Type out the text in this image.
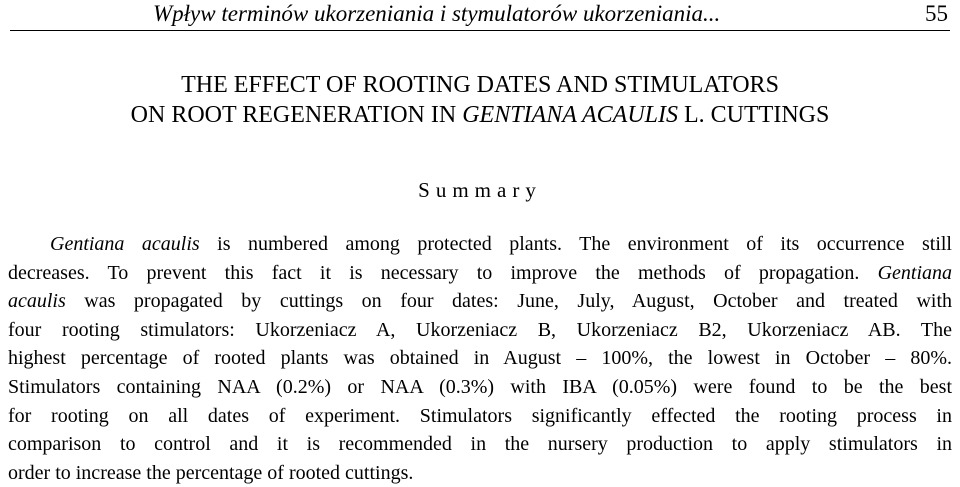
Wpływ terminów ukorzeniania i stymulatorów ukorzeniania...	55
THE EFFECT OF ROOTING DATES AND STIMULATORS
ON ROOT REGENERATION IN GENTIANA ACAULIS L. CUTTINGS
Summary
Gentiana acaulis is numbered among protected plants. The environment of its occurrence still
decreases. To prevent this fact it is necessary to improve the methods of propagation. Gentiana
acaulis was propagated by cuttings on four dates: June, July, August, October and treated with
four rooting stimulators: Ukorzeniacz A, Ukorzeniacz B, Ukorzeniacz B2, Ukorzeniacz AB. The
highest percentage of rooted plants was obtained in August – 100%, the lowest in October – 80%.
Stimulators containing NAA (0.2%) or NAA (0.3%) with IBA (0.05%) were found to be the best
for rooting on all dates of experiment. Stimulators significantly effected the rooting process in
comparison to control and it is recommended in the nursery production to apply stimulators in
order to increase the percentage of rooted cuttings.
